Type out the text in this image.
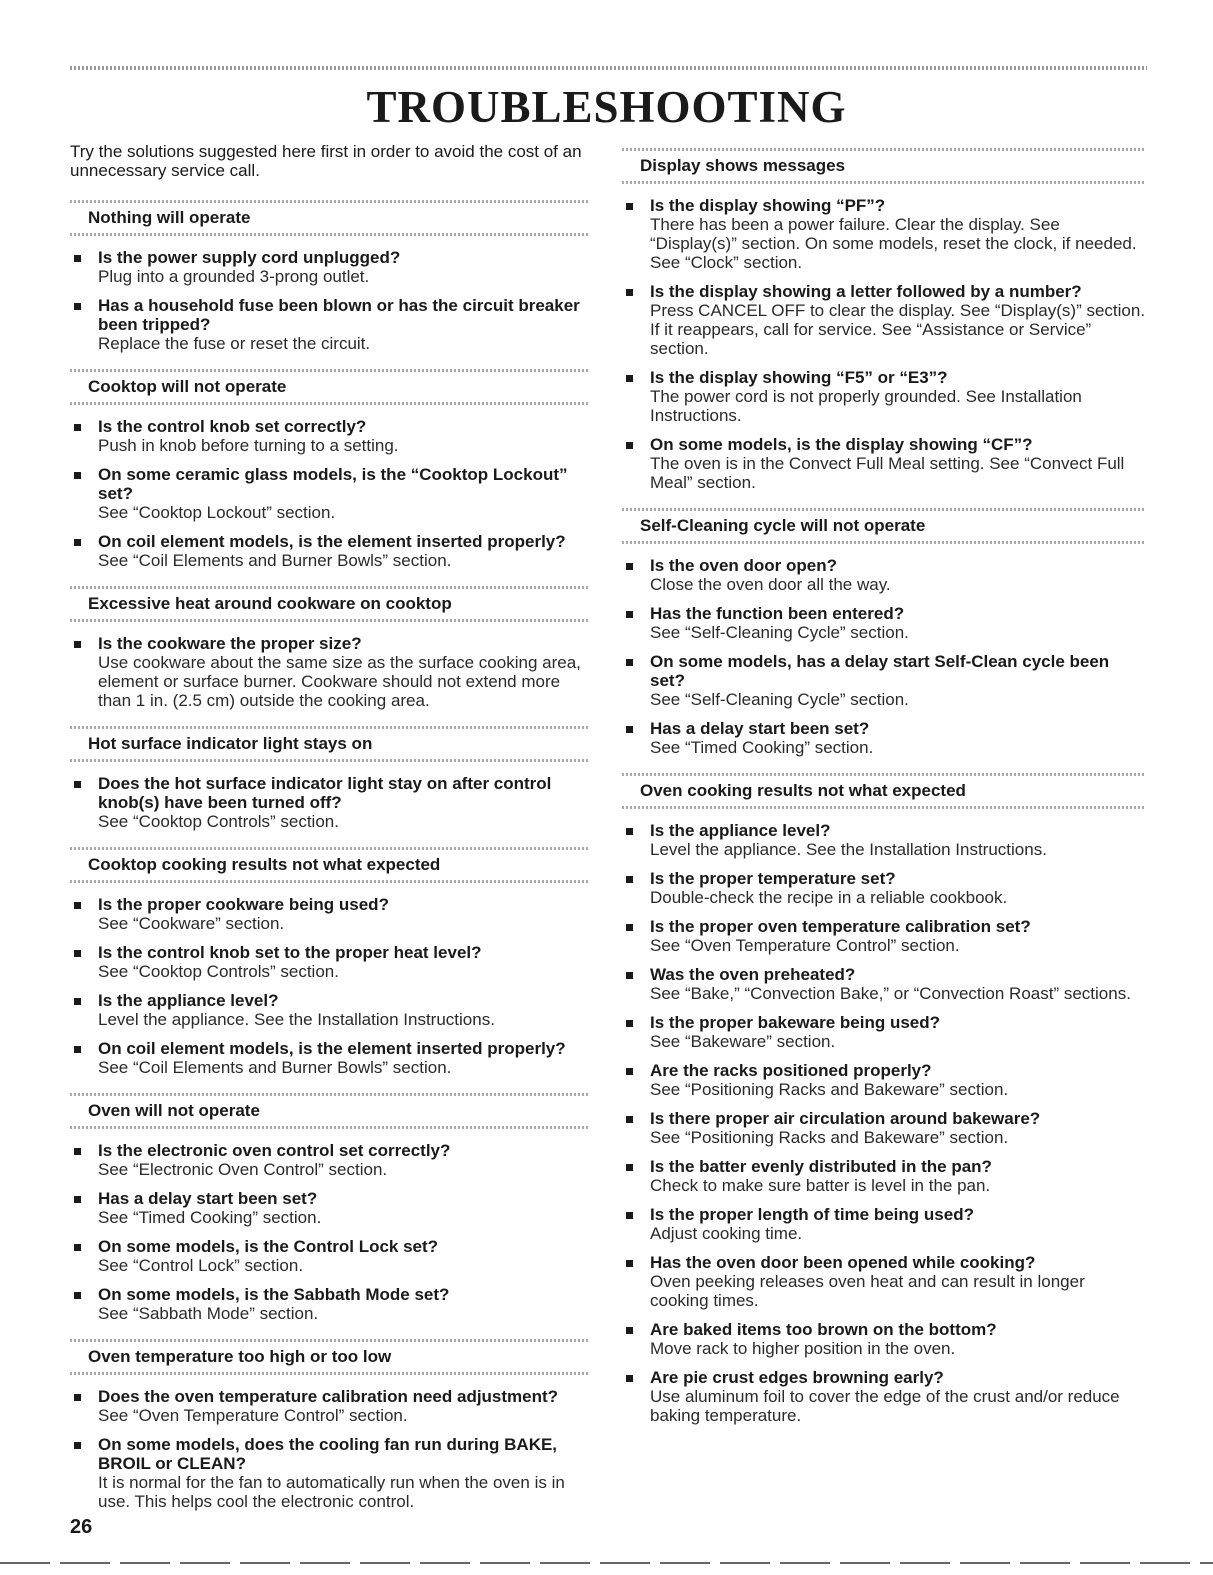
TROUBLESHOOTING

Try the solutions suggested here first in order to avoid the cost of an unnecessary service call.

Nothing will operate
Is the power supply cord unplugged?
Plug into a grounded 3-prong outlet.
Has a household fuse been blown or has the circuit breaker been tripped?
Replace the fuse or reset the circuit.
Cooktop will not operate
Is the control knob set correctly?
Push in knob before turning to a setting.
On some ceramic glass models, is the “Cooktop Lockout” set?
See “Cooktop Lockout” section.
On coil element models, is the element inserted properly?
See “Coil Elements and Burner Bowls” section.
Excessive heat around cookware on cooktop
Is the cookware the proper size?
Use cookware about the same size as the surface cooking area, element or surface burner. Cookware should not extend more than 1 in. (2.5 cm) outside the cooking area.
Hot surface indicator light stays on
Does the hot surface indicator light stay on after control knob(s) have been turned off?
See “Cooktop Controls” section.
Cooktop cooking results not what expected
Is the proper cookware being used?
See “Cookware” section.
Is the control knob set to the proper heat level?
See “Cooktop Controls” section.
Is the appliance level?
Level the appliance. See the Installation Instructions.
On coil element models, is the element inserted properly?
See “Coil Elements and Burner Bowls” section.
Oven will not operate
Is the electronic oven control set correctly?
See “Electronic Oven Control” section.
Has a delay start been set?
See “Timed Cooking” section.
On some models, is the Control Lock set?
See “Control Lock” section.
On some models, is the Sabbath Mode set?
See “Sabbath Mode” section.
Oven temperature too high or too low
Does the oven temperature calibration need adjustment?
See “Oven Temperature Control” section.
On some models, does the cooling fan run during BAKE, BROIL or CLEAN?
It is normal for the fan to automatically run when the oven is in use. This helps cool the electronic control.
Display shows messages
Is the display showing “PF”?
There has been a power failure. Clear the display. See “Display(s)” section. On some models, reset the clock, if needed. See “Clock” section.
Is the display showing a letter followed by a number?
Press CANCEL OFF to clear the display. See “Display(s)” section. If it reappears, call for service. See “Assistance or Service” section.
Is the display showing “F5” or “E3”?
The power cord is not properly grounded. See Installation Instructions.
On some models, is the display showing “CF”?
The oven is in the Convect Full Meal setting. See “Convect Full Meal” section.
Self-Cleaning cycle will not operate
Is the oven door open?
Close the oven door all the way.
Has the function been entered?
See “Self-Cleaning Cycle” section.
On some models, has a delay start Self-Clean cycle been set?
See “Self-Cleaning Cycle” section.
Has a delay start been set?
See “Timed Cooking” section.
Oven cooking results not what expected
Is the appliance level?
Level the appliance. See the Installation Instructions.
Is the proper temperature set?
Double-check the recipe in a reliable cookbook.
Is the proper oven temperature calibration set?
See “Oven Temperature Control” section.
Was the oven preheated?
See “Bake,” “Convection Bake,” or “Convection Roast” sections.
Is the proper bakeware being used?
See “Bakeware” section.
Are the racks positioned properly?
See “Positioning Racks and Bakeware” section.
Is there proper air circulation around bakeware?
See “Positioning Racks and Bakeware” section.
Is the batter evenly distributed in the pan?
Check to make sure batter is level in the pan.
Is the proper length of time being used?
Adjust cooking time.
Has the oven door been opened while cooking?
Oven peeking releases oven heat and can result in longer cooking times.
Are baked items too brown on the bottom?
Move rack to higher position in the oven.
Are pie crust edges browning early?
Use aluminum foil to cover the edge of the crust and/or reduce baking temperature.
26
